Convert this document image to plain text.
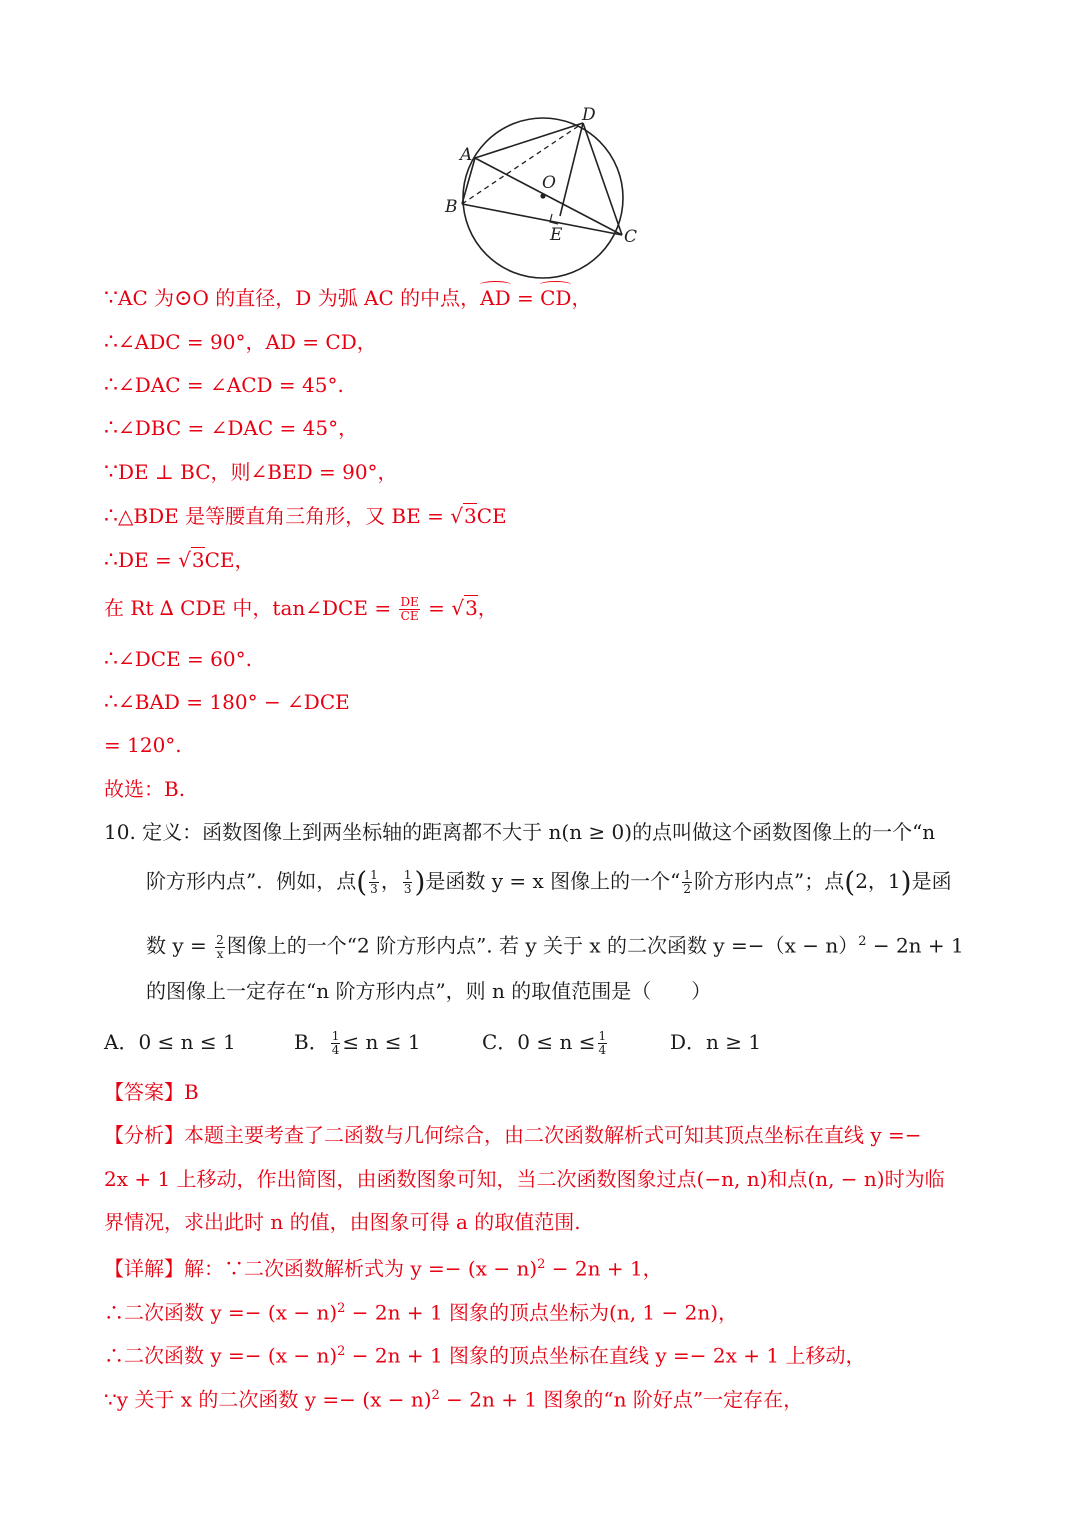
A
B
C
D
E
O
∵AC 为⊙O 的直径，D 为弧 AC 的中点，AD = CD，
∴∠ADC = 90°，AD = CD，
∴∠DAC = ∠ACD = 45°.
∴∠DBC = ∠DAC = 45°，
∵DE ⊥ BC，则∠BED = 90°，
∴△BDE 是等腰直角三角形，又 BE = √3CE
∴DE = √3CE，
在 Rt ∆ CDE 中，tan∠DCE = $\frac{DE}{CE} = √3$，
∴∠DCE = 60°.
∴∠BAD = 180° − ∠DCE
= 120°.
故选：B.
10. 定义：函数图像上到两坐标轴的距离都不大于 n(n ≥ 0)的点叫做这个函数图像上的一个“n
阶方形内点”．例如，点( $\frac{1}{3}$ ， $\frac{1}{3}$ )是函数 y = x 图像上的一个“ $\frac{1}{2}$ 阶方形内点”；点(2，1)是函
数 $y = \frac{2}{x}$ 图像上的一个“2 阶方形内点”. 若 y 关于 x 的二次函数 $y =-(x - n)^2 - 2n + 1$
的图像上一定存在“n 阶方形内点”，则 n 的取值范围是（　　）
A．0 ≤ n ≤ 1	B． $\frac{1}{4} \le n \le 1$	C．$0 \le n \le \frac{1}{4}$	D．n ≥ 1
【答案】B
【分析】本题主要考查了二函数与几何综合，由二次函数解析式可知其顶点坐标在直线 y =−
2x + 1 上移动，作出简图，由函数图象可知，当二次函数图象过点(−n, n)和点(n, − n)时为临
界情况，求出此时 n 的值，由图象可得 a 的取值范围.
【详解】解：∵二次函数解析式为 $y =- (x - n)^2 - 2n + 1$，
∴二次函数 $y =- (x - n)^2 - 2n + 1$ 图象的顶点坐标为(n, 1 − 2n)，
∴二次函数 $y =- (x - n)^2 - 2n + 1$ 图象的顶点坐标在直线 y =− 2x + 1 上移动，
∵y 关于 x 的二次函数 $y =- (x - n)^2 - 2n + 1$ 图象的“n 阶好点”一定存在，
